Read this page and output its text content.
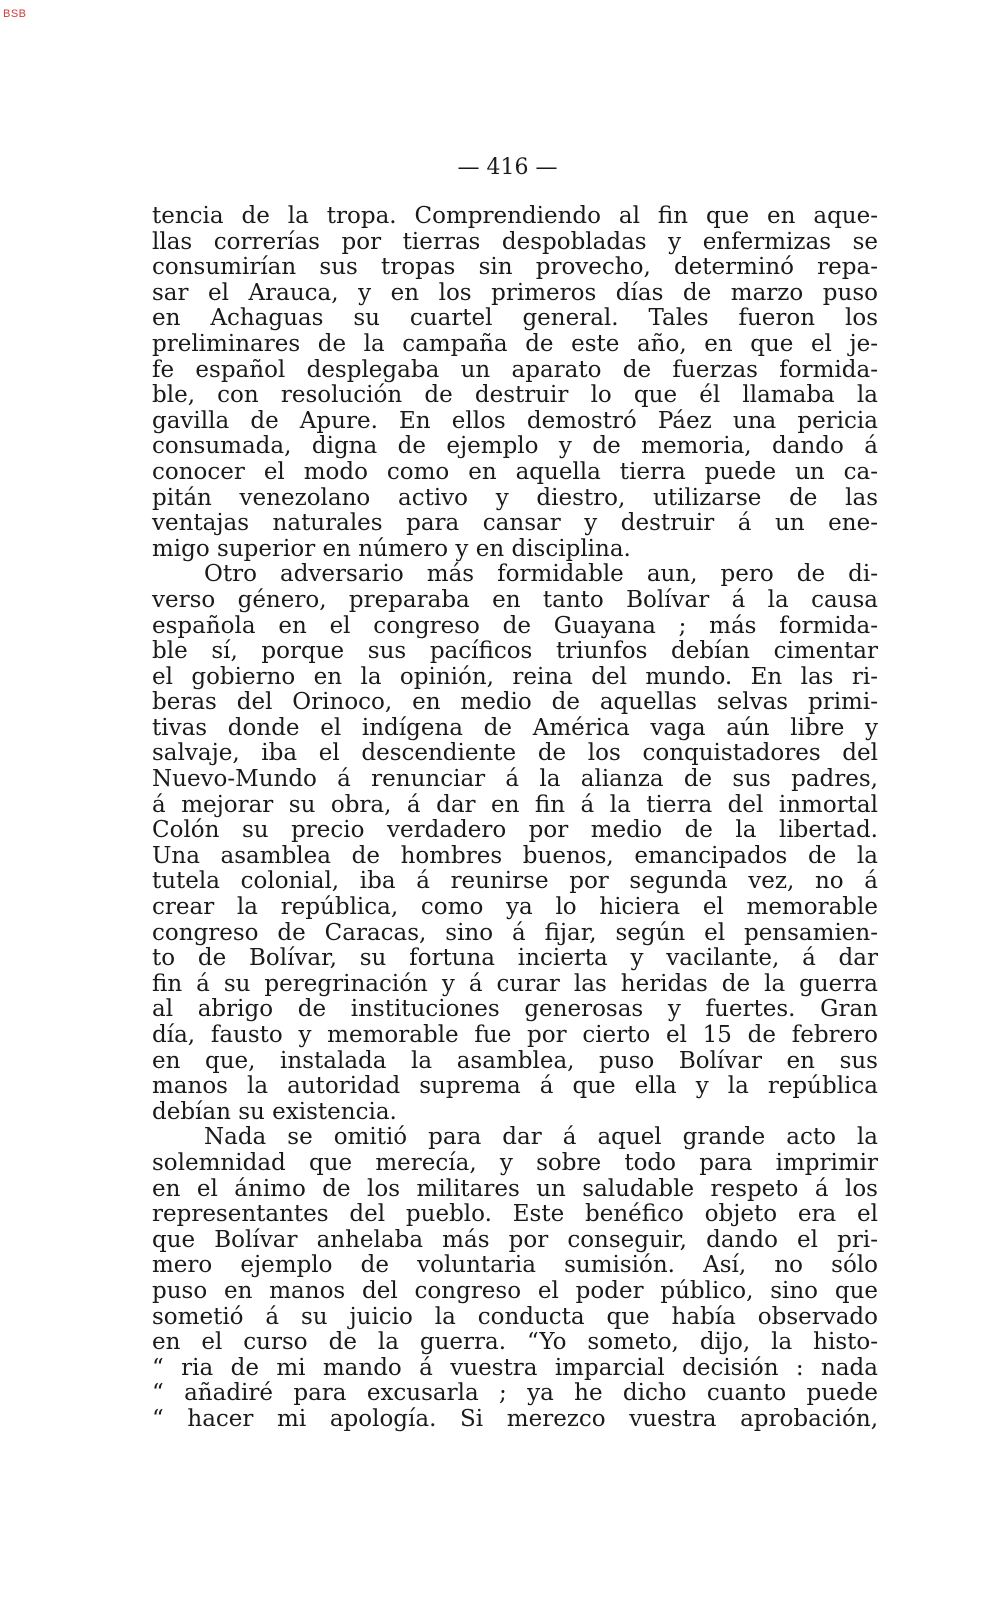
BSB
— 416 —
tencia de la tropa. Comprendiendo al fin que en aque-
llas correrías por tierras despobladas y enfermizas se
consumirían sus tropas sin provecho, determinó repa-
sar el Arauca, y en los primeros días de marzo puso
en Achaguas su cuartel general. Tales fueron los
preliminares de la campaña de este año, en que el je-
fe español desplegaba un aparato de fuerzas formida-
ble, con resolución de destruir lo que él llamaba la
gavilla de Apure. En ellos demostró Páez una pericia
consumada, digna de ejemplo y de memoria, dando á
conocer el modo como en aquella tierra puede un ca-
pitán venezolano activo y diestro, utilizarse de las
ventajas naturales para cansar y destruir á un ene-
migo superior en número y en disciplina.
Otro adversario más formidable aun, pero de di-
verso género, preparaba en tanto Bolívar á la causa
española en el congreso de Guayana ; más formida-
ble sí, porque sus pacíficos triunfos debían cimentar
el gobierno en la opinión, reina del mundo. En las ri-
beras del Orinoco, en medio de aquellas selvas primi-
tivas donde el indígena de América vaga aún libre y
salvaje, iba el descendiente de los conquistadores del
Nuevo-Mundo á renunciar á la alianza de sus padres,
á mejorar su obra, á dar en fin á la tierra del inmortal
Colón su precio verdadero por medio de la libertad.
Una asamblea de hombres buenos, emancipados de la
tutela colonial, iba á reunirse por segunda vez, no á
crear la república, como ya lo hiciera el memorable
congreso de Caracas, sino á fijar, según el pensamien-
to de Bolívar, su fortuna incierta y vacilante, á dar
fin á su peregrinación y á curar las heridas de la guerra
al abrigo de instituciones generosas y fuertes. Gran
día, fausto y memorable fue por cierto el 15 de febrero
en que, instalada la asamblea, puso Bolívar en sus
manos la autoridad suprema á que ella y la república
debían su existencia.
Nada se omitió para dar á aquel grande acto la
solemnidad que merecía, y sobre todo para imprimir
en el ánimo de los militares un saludable respeto á los
representantes del pueblo. Este benéfico objeto era el
que Bolívar anhelaba más por conseguir, dando el pri-
mero ejemplo de voluntaria sumisión. Así, no sólo
puso en manos del congreso el poder público, sino que
sometió á su juicio la conducta que había observado
en el curso de la guerra. “Yo someto, dijo, la histo-
“ ria de mi mando á vuestra imparcial decisión : nada
“ añadiré para excusarla ; ya he dicho cuanto puede
“ hacer mi apología. Si merezco vuestra aprobación,
